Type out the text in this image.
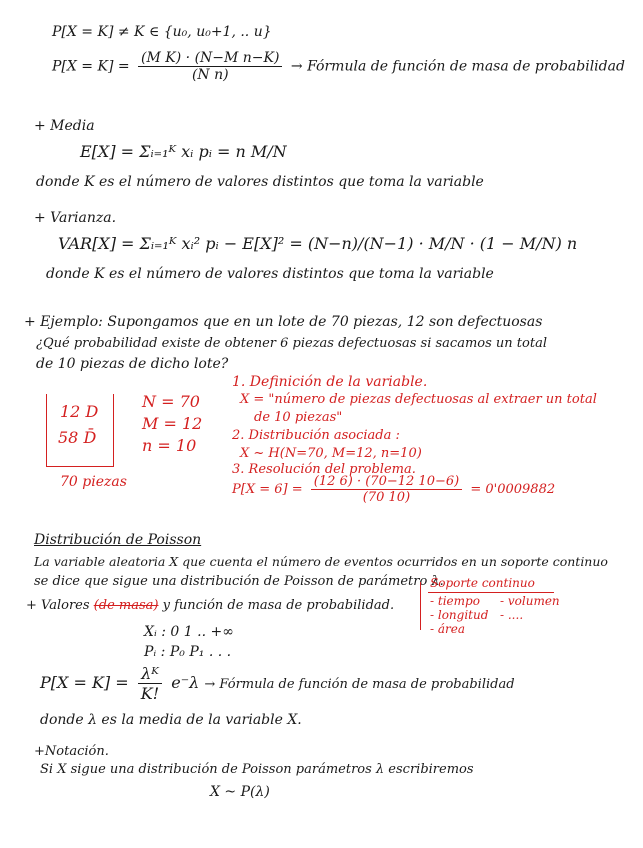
P[X = K] ≠ K ∈ {u₀, u₀+1, .. u}
$P[X = K] = \frac{\text{(M K) · (N−M n−K)}}{\text{(N n)}}$ → Fórmula de función de masa de probabilidad
+ Media
E[X] = Σᵢ₌₁ᴷ xᵢ pᵢ = n M/N
donde K es el número de valores distintos que toma la variable
+ Varianza.
VAR[X] = Σᵢ₌₁ᴷ xᵢ² pᵢ − E[X]² = (N−n)/(N−1) · M/N · (1 − M/N) n
donde K es el número de valores distintos que toma la variable
+ Ejemplo: Supongamos que en un lote de 70 piezas, 12 son defectuosas
¿Qué probabilidad existe de obtener 6 piezas defectuosas si sacamos un total
de 10 piezas de dicho lote?
12 D
58 D̄
70 piezas
N = 70
M = 12
n = 10
1. Definición de la variable.
X = "número de piezas defectuosas al extraer un total
de 10 piezas"
2. Distribución asociada :
X ~ H(N=70, M=12, n=10)
3. Resolución del problema.
$P[X = 6] = \frac{(12 6) \cdot (70-12 10-6)}{(70 10)} = 0'0009882$
Distribución de Poisson
La variable aleatoria X que cuenta el número de eventos ocurridos en un soporte continuo
se dice que sigue una distribución de Poisson de parámetro λ.
+ Valores (de masa) y función de masa de probabilidad.
Soporte continuo
- tiempo - volumen
- longitud - ....
- área
Xᵢ : 0 1 .. +∞
Pᵢ : P₀ P₁ . . .
$P[X = K] = \frac{\text{λᴷ}}{K!} e^-\lambda$ → Fórmula de función de masa de probabilidad
donde λ es la media de la variable X.
+Notación.
Si X sigue una distribución de Poisson parámetros λ escribiremos
X ~ P(λ)
